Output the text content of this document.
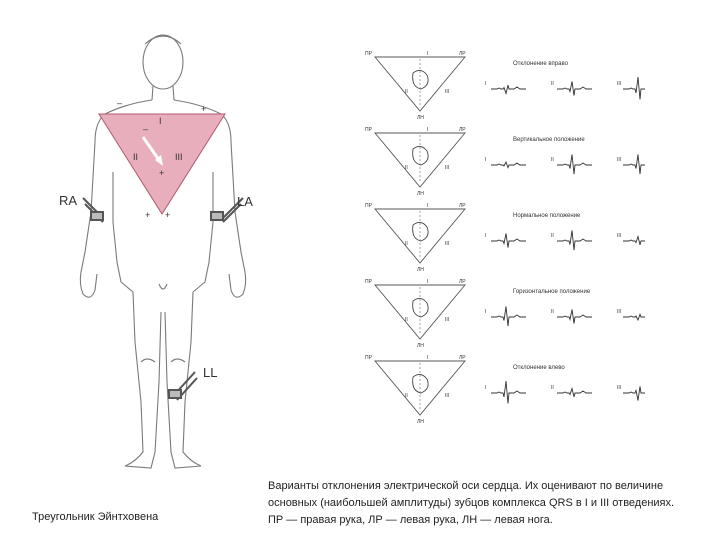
RA	LA
LL
I
II	III
–
+
–
+
+ +
ПР	ЛР
ЛН
I
II	III
Отклонение вправо
I	II	III
ПР	ЛР
ЛН
I
II	III
Вертикальное положение
I	II	III
ПР	ЛР
ЛН
I
II	III
Нормальное положение
I	II	III
ПР	ЛР
ЛН
I
II	III
Горизонтальное положение
I	II	III
ПР	ЛР
ЛН
I
II	III
Отклонение влево
I	II	III
Треугольник Эйнтховена
Варианты отклонения электрической оси сердца. Их оценивают по величине
основных (наибольшей амплитуды) зубцов комплекса QRS в I и III отведениях.
ПР — правая рука, ЛР — левая рука, ЛН — левая нога.
